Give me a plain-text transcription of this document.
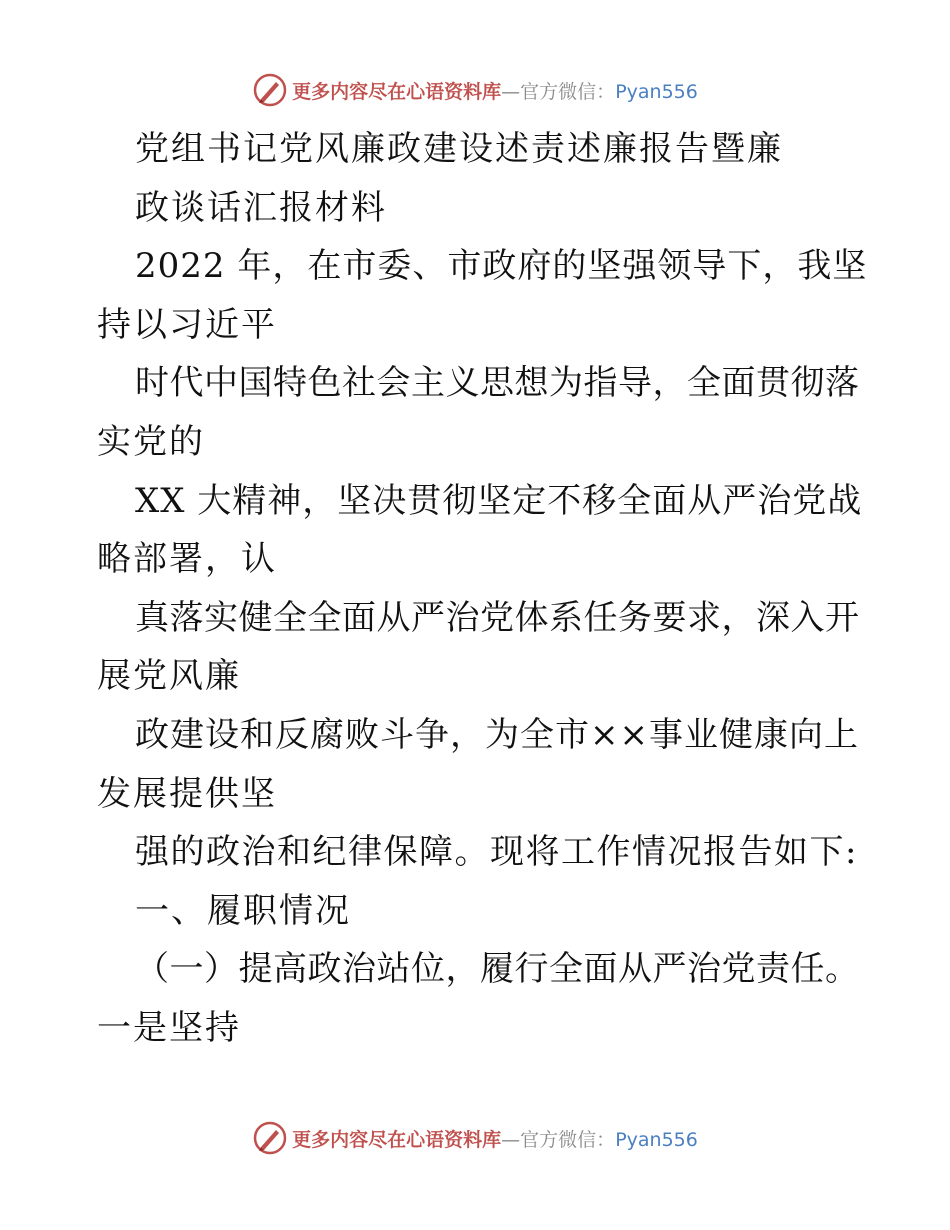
更多内容尽在心语资料库—官方微信：Pyan556
党组书记党风廉政建设述责述廉报告暨廉
政谈话汇报材料
2022 年，在市委、市政府的坚强领导下，我坚
持以习近平
时代中国特色社会主义思想为指导，全面贯彻落
实党的
XX 大精神，坚决贯彻坚定不移全面从严治党战
略部署，认
真落实健全全面从严治党体系任务要求，深入开
展党风廉
政建设和反腐败斗争，为全市××事业健康向上
发展提供坚
强的政治和纪律保障。现将工作情况报告如下:
一、履职情况
（一）提高政治站位，履行全面从严治党责任。
一是坚持
更多内容尽在心语资料库—官方微信：Pyan556
